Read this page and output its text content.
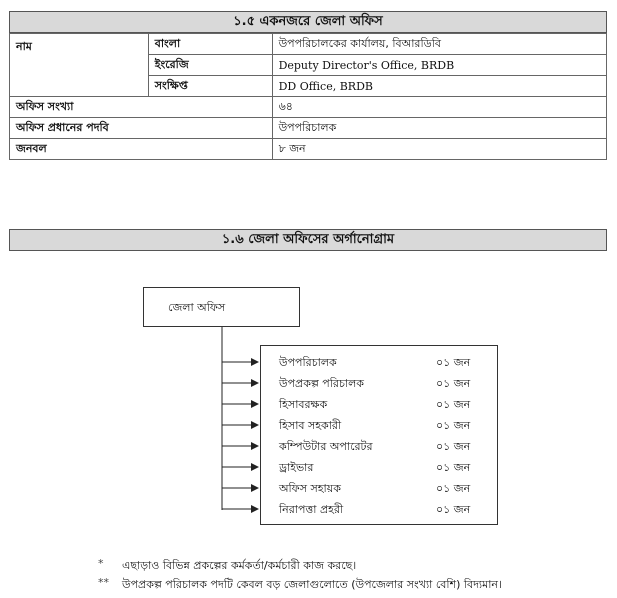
১.৫ একনজরে জেলা অফিস
নাম	বাংলা	উপপরিচালকের কার্যালয়, বিআরডিবি
	ইংরেজি	Deputy Director's Office, BRDB
	সংক্ষিপ্ত	DD Office, BRDB
অফিস সংখ্যা		৬৪
অফিস প্রধানের পদবি		উপপরিচালক
জনবল		৮ জন
১.৬ জেলা অফিসের অর্গানোগ্রাম
জেলা অফিস
উপপরিচালক	০১ জন
উপপ্রকল্প পরিচালক	০১ জন
হিসাবরক্ষক	০১ জন
হিসাব সহকারী	০১ জন
কম্পিউটার অপারেটর	০১ জন
ড্রাইভার	০১ জন
অফিস সহায়ক	০১ জন
নিরাপত্তা প্রহরী	০১ জন
* এছাড়াও বিভিন্ন প্রকল্পের কর্মকর্তা/কর্মচারী কাজ করছে।
** উপপ্রকল্প পরিচালক পদটি কেবল বড় জেলাগুলোতে (উপজেলার সংখ্যা বেশি) বিদ্যমান।
